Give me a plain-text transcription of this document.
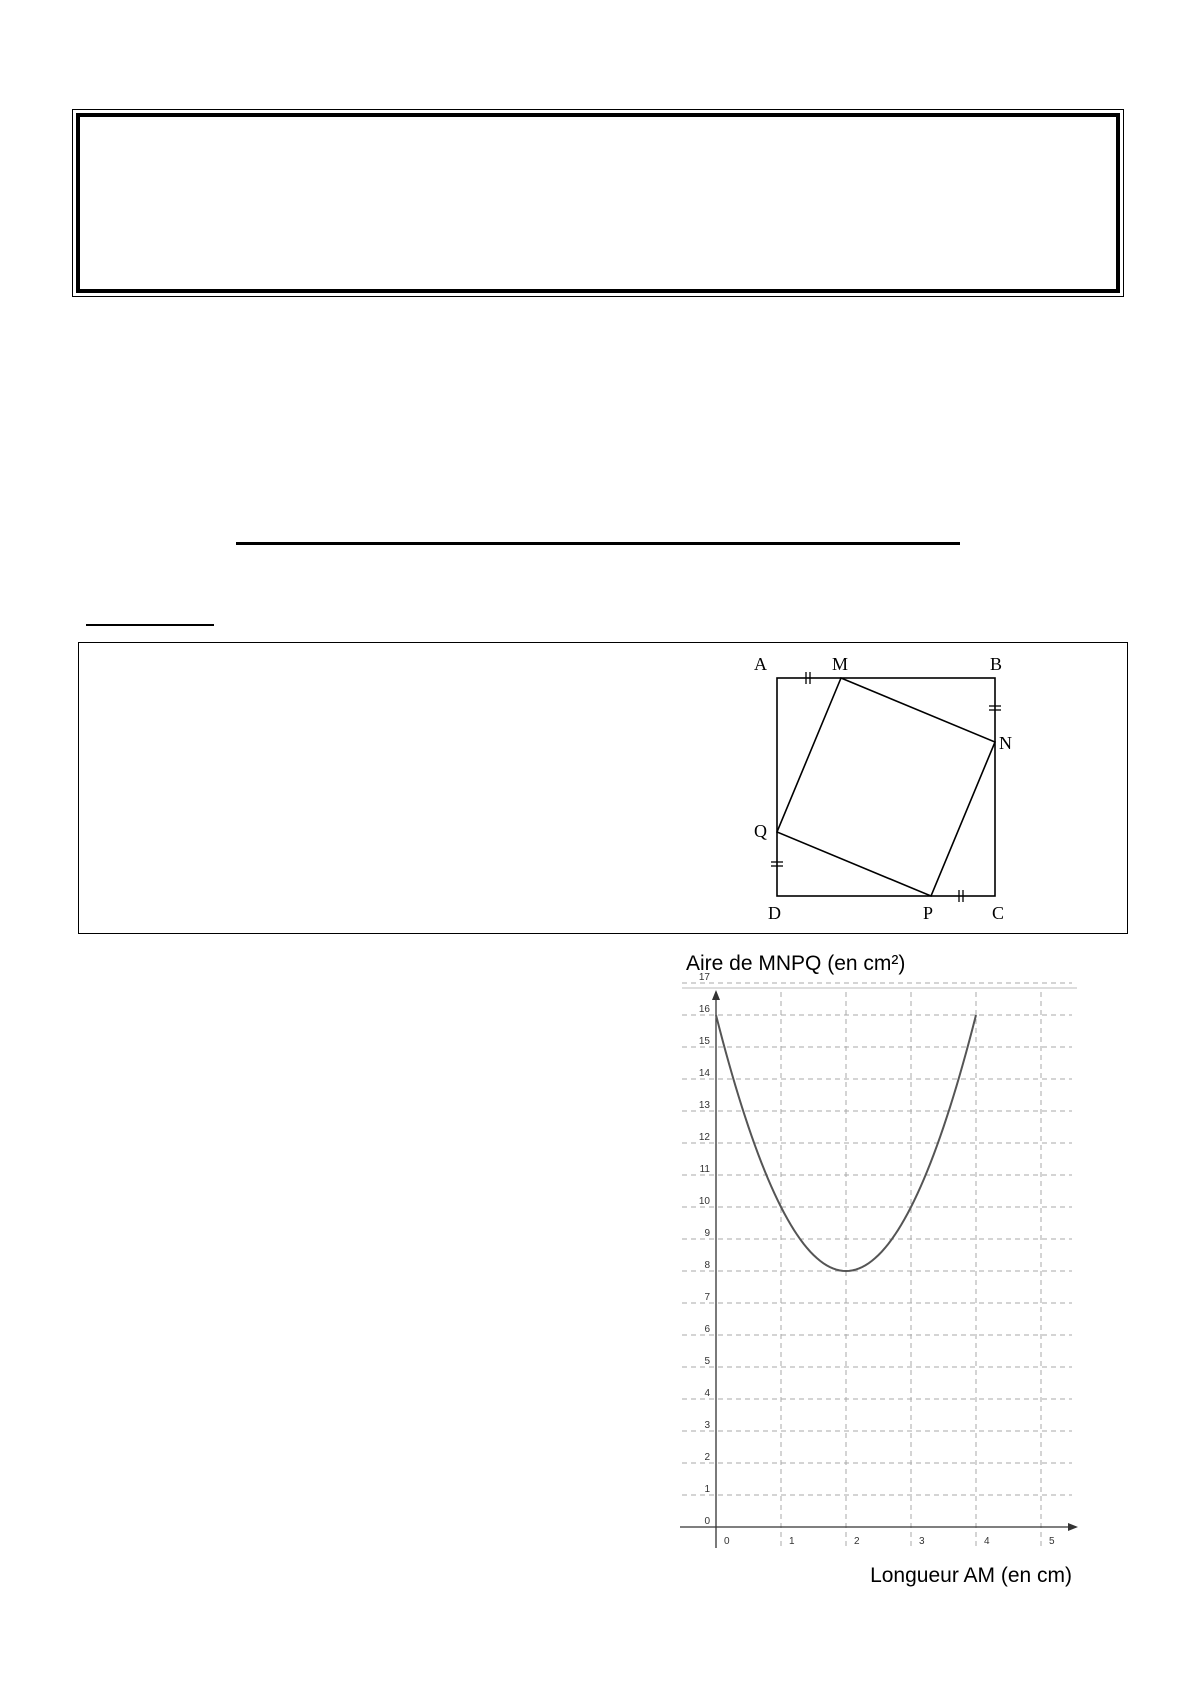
A	M	B
N
Q
D	P	C
0
1
2
3
4
5
6
7
8
9
10
11
12
13
14
15
16
17
0	1	2	3	4	5
Aire de MNPQ (en cm²)
Longueur AM (en cm)
